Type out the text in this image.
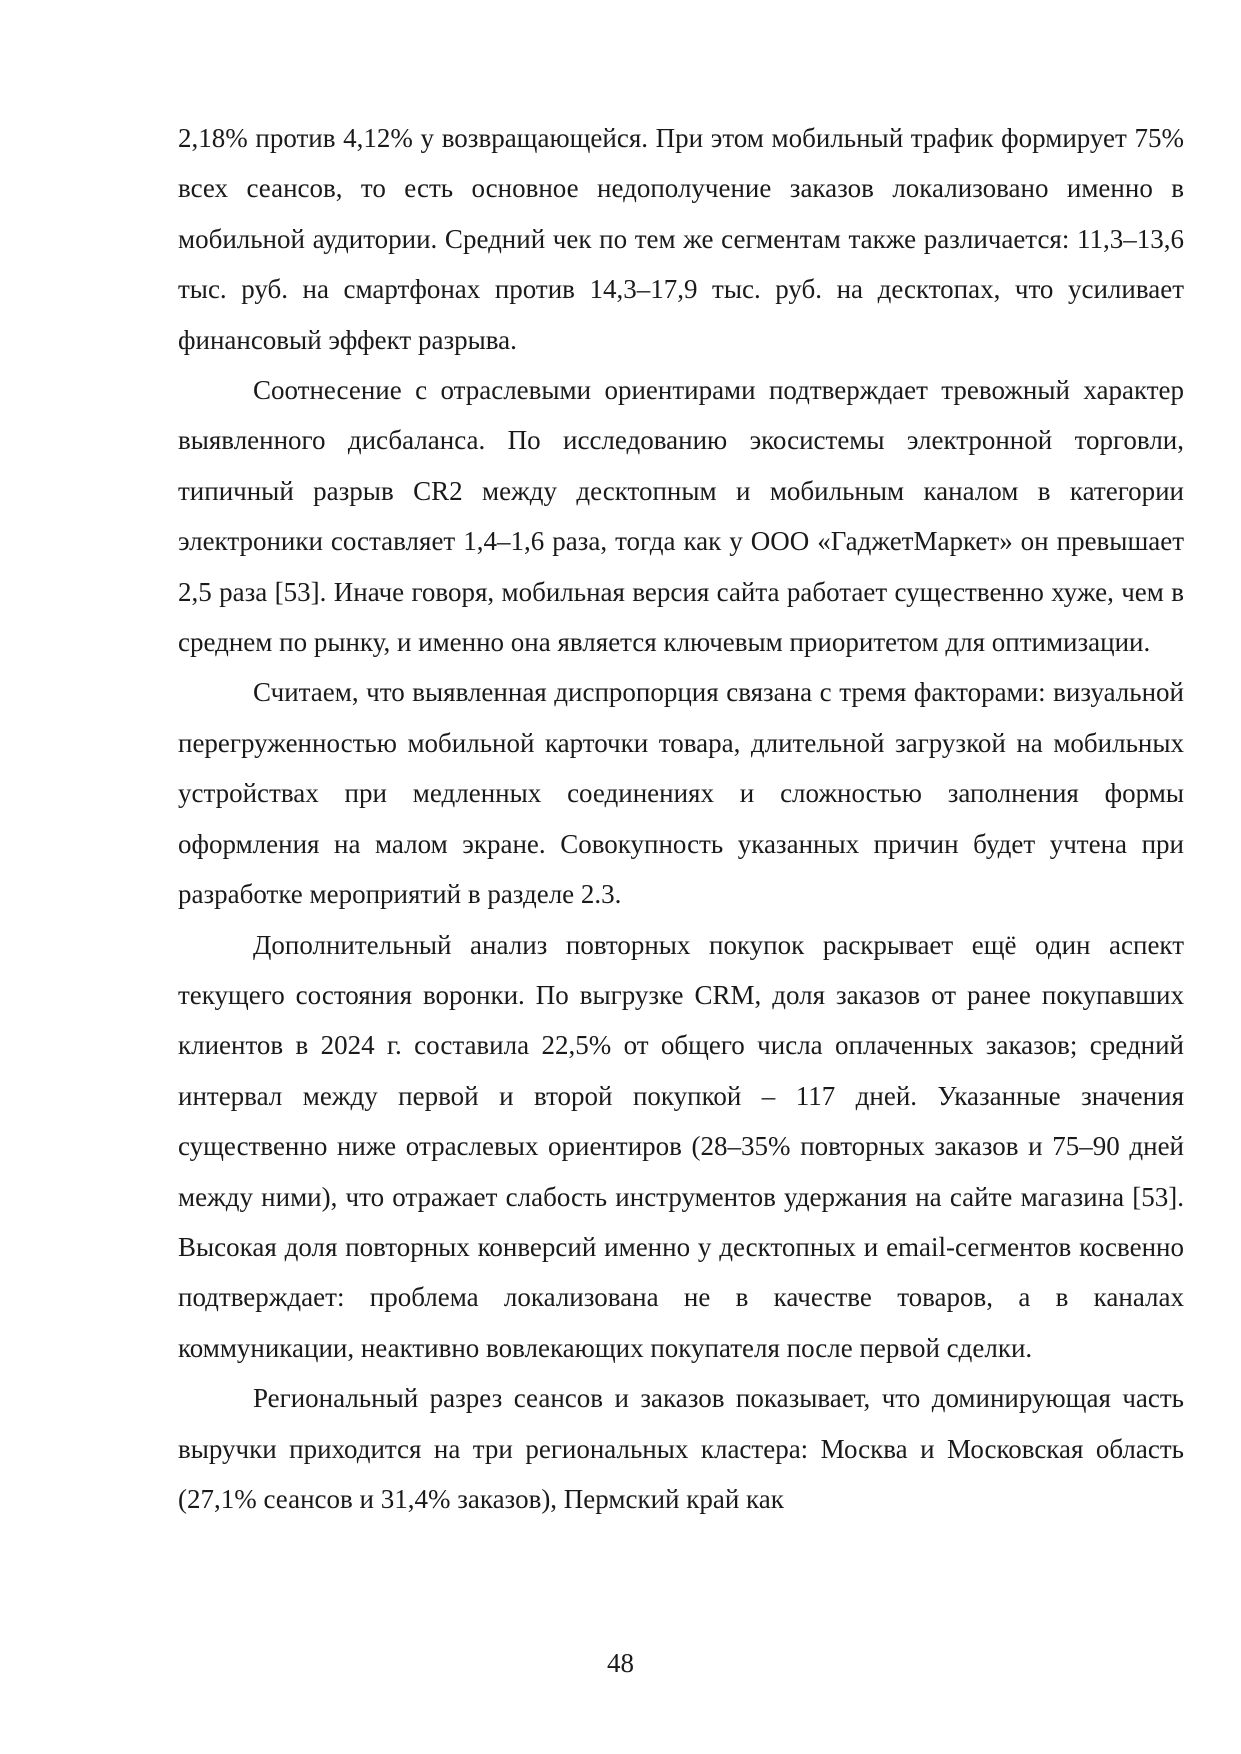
2,18% против 4,12% у возвращающейся. При этом мобильный трафик формирует 75% всех сеансов, то есть основное недополучение заказов локализовано именно в мобильной аудитории. Средний чек по тем же сегментам также различается: 11,3–13,6 тыс. руб. на смартфонах против 14,3–17,9 тыс. руб. на десктопах, что усиливает финансовый эффект разрыва.

Соотнесение с отраслевыми ориентирами подтверждает тревожный характер выявленного дисбаланса. По исследованию экосистемы электронной торговли, типичный разрыв CR2 между десктопным и мобильным каналом в категории электроники составляет 1,4–1,6 раза, тогда как у ООО «ГаджетМаркет» он превышает 2,5 раза [53]. Иначе говоря, мобильная версия сайта работает существенно хуже, чем в среднем по рынку, и именно она является ключевым приоритетом для оптимизации.

Считаем, что выявленная диспропорция связана с тремя факторами: визуальной перегруженностью мобильной карточки товара, длительной загрузкой на мобильных устройствах при медленных соединениях и сложностью заполнения формы оформления на малом экране. Совокупность указанных причин будет учтена при разработке мероприятий в разделе 2.3.

Дополнительный анализ повторных покупок раскрывает ещё один аспект текущего состояния воронки. По выгрузке CRM, доля заказов от ранее покупавших клиентов в 2024 г. составила 22,5% от общего числа оплаченных заказов; средний интервал между первой и второй покупкой – 117 дней. Указанные значения существенно ниже отраслевых ориентиров (28–35% повторных заказов и 75–90 дней между ними), что отражает слабость инструментов удержания на сайте магазина [53]. Высокая доля повторных конверсий именно у десктопных и email-сегментов косвенно подтверждает: проблема локализована не в качестве товаров, а в каналах коммуникации, неактивно вовлекающих покупателя после первой сделки.

Региональный разрез сеансов и заказов показывает, что доминирующая часть выручки приходится на три региональных кластера: Москва и Московская область (27,1% сеансов и 31,4% заказов), Пермский край как

48
